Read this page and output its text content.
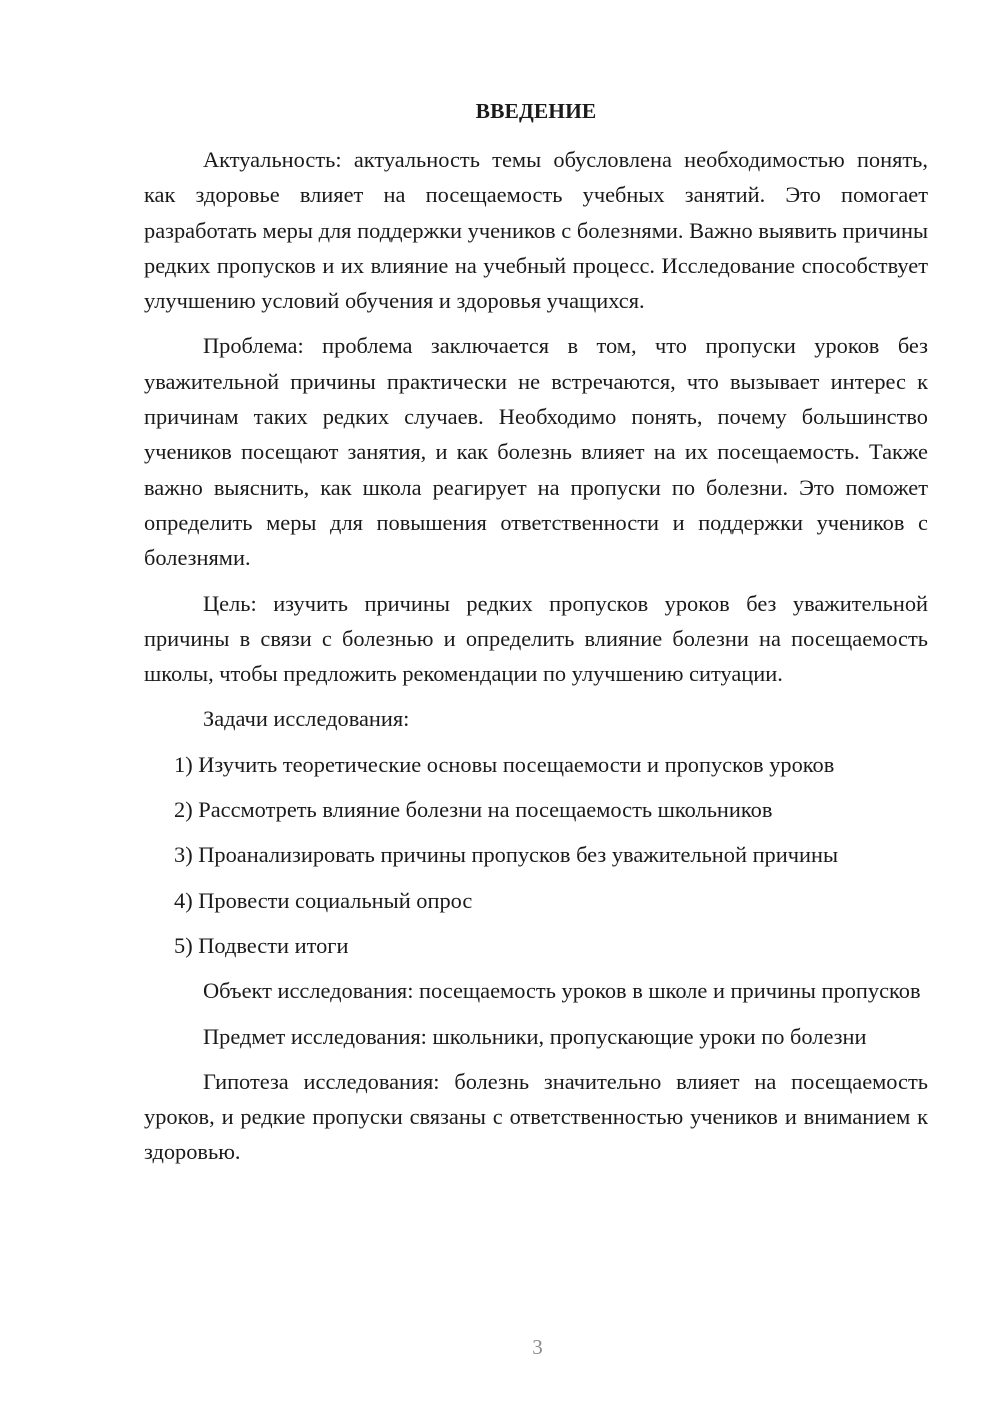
ВВЕДЕНИЕ

Актуальность: актуальность темы обусловлена необходимостью понять, как здоровье влияет на посещаемость учебных занятий. Это помогает разработать меры для поддержки учеников с болезнями. Важно выявить причины редких пропусков и их влияние на учебный процесс. Исследование способствует улучшению условий обучения и здоровья учащихся.

Проблема: проблема заключается в том, что пропуски уроков без уважительной причины практически не встречаются, что вызывает интерес к причинам таких редких случаев. Необходимо понять, почему большинство учеников посещают занятия, и как болезнь влияет на их посещаемость. Также важно выяснить, как школа реагирует на пропуски по болезни. Это поможет определить меры для повышения ответственности и поддержки учеников с болезнями.

Цель: изучить причины редких пропусков уроков без уважительной причины в связи с болезнью и определить влияние болезни на посещаемость школы, чтобы предложить рекомендации по улучшению ситуации.

Задачи исследования:

1) Изучить теоретические основы посещаемости и пропусков уроков

2) Рассмотреть влияние болезни на посещаемость школьников

3) Проанализировать причины пропусков без уважительной причины

4) Провести социальный опрос

5) Подвести итоги

Объект исследования: посещаемость уроков в школе и причины пропусков

Предмет исследования: школьники, пропускающие уроки по болезни

Гипотеза исследования: болезнь значительно влияет на посещаемость уроков, и редкие пропуски связаны с ответственностью учеников и вниманием к здоровью.

3
